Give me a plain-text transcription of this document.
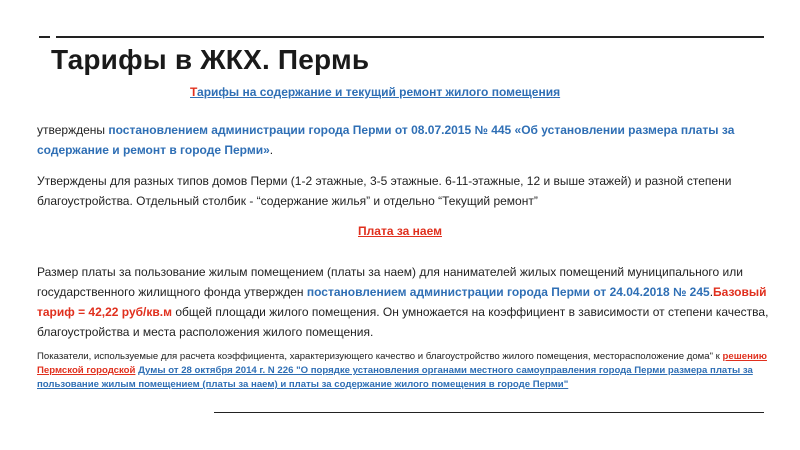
Тарифы в ЖКХ. Пермь

Тарифы на содержание и текущий ремонт жилого помещения

утверждены постановлением администрации города Перми от 08.07.2015 № 445 «Об установлении размера платы за содержание и ремонт в городе Перми».

Утверждены для разных типов домов Перми (1-2 этажные, 3-5 этажные. 6-11-этажные, 12 и выше этажей) и разной степени благоустройства. Отдельный столбик - “содержание жилья” и отдельно “Текущий ремонт”

Плата за наем

Размер платы за пользование жилым помещением (платы за наем) для нанимателей жилых помещений муниципального или государственного жилищного фонда утвержден постановлением администрации города Перми от 24.04.2018 № 245.Базовый тариф = 42,22 руб/кв.м общей площади жилого помещения. Он умножается на коэффициент в зависимости от степени качества, благоустройства и места расположения жилого помещения.

Показатели, используемые для расчета коэффициента, характеризующего качество и благоустройство жилого помещения, месторасположение дома" к решению Пермской городской Думы от 28 октября 2014 г. N 226 "О порядке установления органами местного самоуправления города Перми размера платы за пользование жилым помещением (платы за наем) и платы за содержание жилого помещения в городе Перми"
